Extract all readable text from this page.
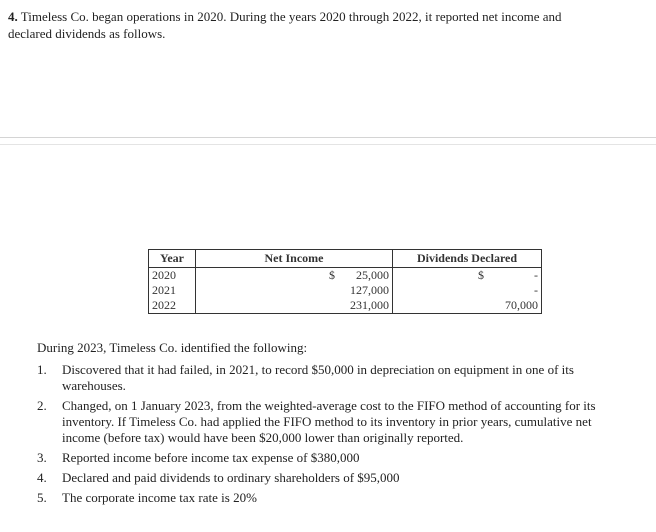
4. Timeless Co. began operations in 2020. During the years 2020 through 2022, it reported net income and declared dividends as follows.

Year	Net Income	Dividends Declared
2020	$ 25,000	$ -

2021	127,000	-

2022	231,000	70,000

During 2023, Timeless Co. identified the following:

1. Discovered that it had failed, in 2021, to record $50,000 in depreciation on equipment in one of its warehouses.
2. Changed, on 1 January 2023, from the weighted-average cost to the FIFO method of accounting for its inventory. If Timeless Co. had applied the FIFO method to its inventory in prior years, cumulative net income (before tax) would have been $20,000 lower than originally reported.
3. Reported income before income tax expense of $380,000
4. Declared and paid dividends to ordinary shareholders of $95,000
5. The corporate income tax rate is 20%
